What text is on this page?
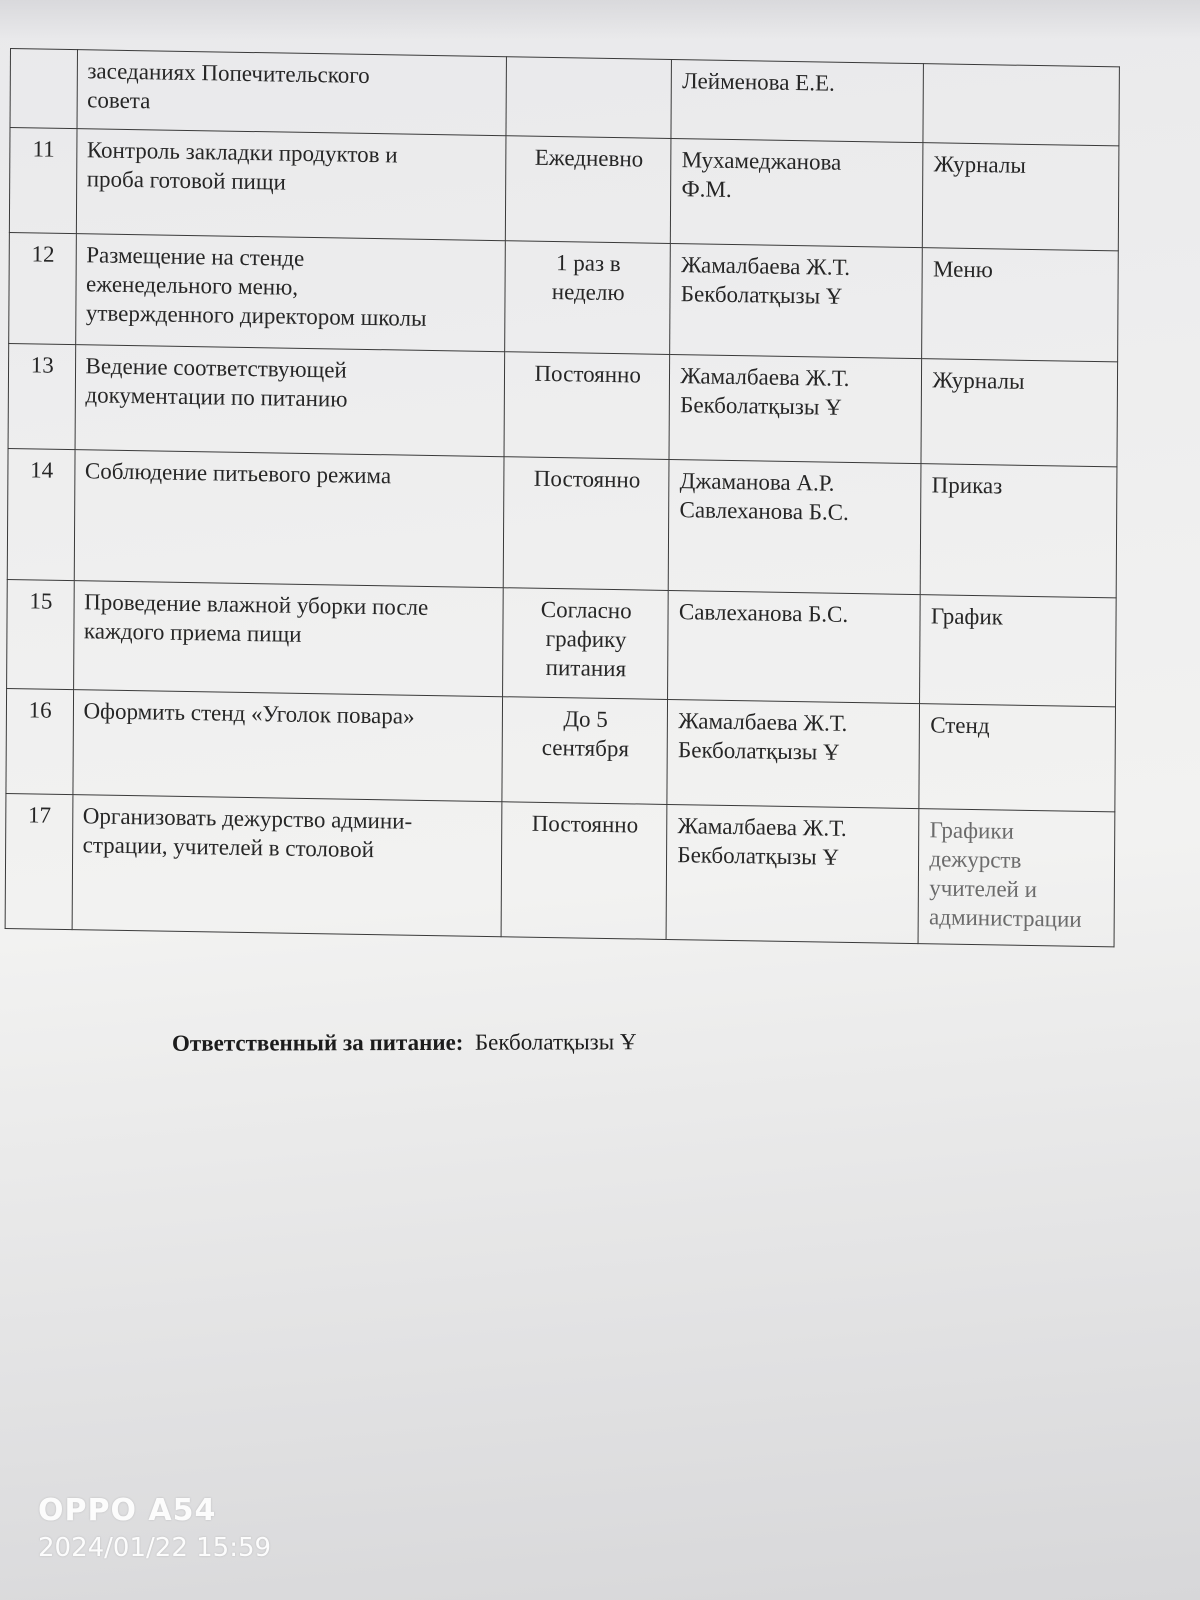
	заседаниях Попечительского
совета		Лейменова Е.Е.	

11	Контроль закладки продуктов и
проба готовой пищи	Ежедневно	Мухамеджанова
Ф.М.	Журналы

12	Размещение на стенде
еженедельного меню,
утвержденного директором школы	1 раз в
неделю	Жамалбаева Ж.Т.
Бекболатқызы Ұ	Меню

13	Ведение соответствующей
документации по питанию	Постоянно	Жамалбаева Ж.Т.
Бекболатқызы Ұ	Журналы

14	Соблюдение питьевого режима	Постоянно	Джаманова А.Р.
Савлеханова Б.С.	Приказ

15	Проведение влажной уборки после
каждого приема пищи	Согласно
графику
питания	Савлеханова Б.С.	График

16	Оформить стенд «Уголок повара»	До 5
сентября	Жамалбаева Ж.Т.
Бекболатқызы Ұ	Стенд

17	Организовать дежурство админи-
страции, учителей в столовой	Постоянно	Жамалбаева Ж.Т.
Бекболатқызы Ұ	Графики
дежурств
учителей и
администрации
Ответственный за питание: Бекболатқызы Ұ
OPPO A54
2024/01/22 15:59
